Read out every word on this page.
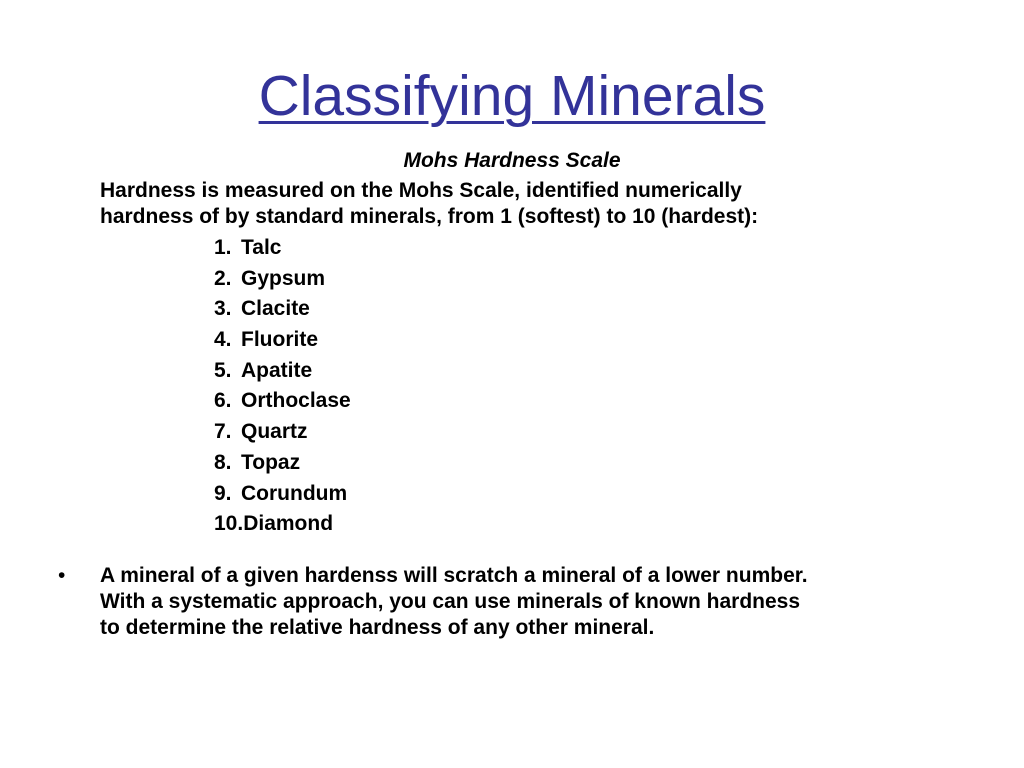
Classifying Minerals
Mohs Hardness Scale
Hardness is measured on the Mohs Scale, identified numerically
hardness of by standard minerals, from 1 (softest) to 10 (hardest):
1. Talc
2. Gypsum
3. Clacite
4. Fluorite
5. Apatite
6. Orthoclase
7. Quartz
8. Topaz
9. Corundum
10.Diamond
• A mineral of a given hardenss will scratch a mineral of a lower number.
With a systematic approach, you can use minerals of known hardness
to determine the relative hardness of any other mineral.
